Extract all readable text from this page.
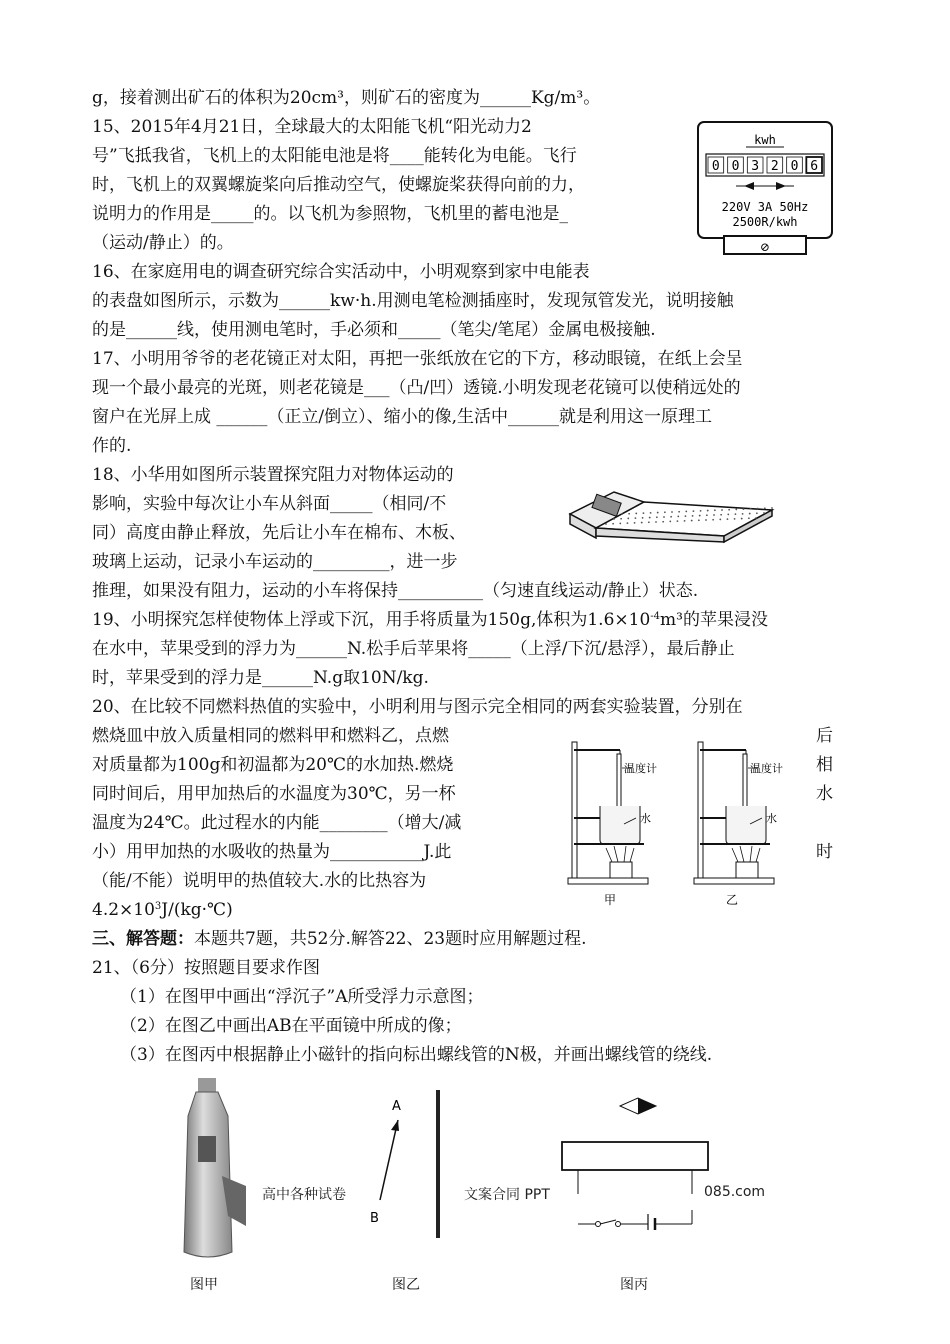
g，接着测出矿石的体积为20cm³，则矿石的密度为______Kg/m³。
15、2015年4月21日，全球最大的太阳能飞机“阳光动力2
号”飞抵我省，飞机上的太阳能电池是将____能转化为电能。飞行
时，飞机上的双翼螺旋桨向后推动空气，使螺旋桨获得向前的力，
说明力的作用是_____的。以飞机为参照物，飞机里的蓄电池是_
（运动/静止）的。
16、在家庭用电的调查研究综合实活动中，小明观察到家中电能表
的表盘如图所示，示数为______kw·h.用测电笔检测插座时，发现氖管发光，说明接触
的是______线，使用测电笔时，手必须和_____（笔尖/笔尾）金属电极接触.
17、小明用爷爷的老花镜正对太阳，再把一张纸放在它的下方，移动眼镜，在纸上会呈
现一个最小最亮的光斑，则老花镜是___（凸/凹）透镜.小明发现老花镜可以使稍远处的
窗户在光屏上成 ______（正立/倒立）、缩小的像,生活中______就是利用这一原理工
作的.
18、小华用如图所示装置探究阻力对物体运动的
影响，实验中每次让小车从斜面_____（相同/不
同）高度由静止释放，先后让小车在棉布、木板、
玻璃上运动，记录小车运动的_________，进一步
推理，如果没有阻力，运动的小车将保持__________（匀速直线运动/静止）状态.
19、小明探究怎样使物体上浮或下沉，用手将质量为150g,体积为$1.6\times 10^{-4}m^3$的苹果浸没
在水中，苹果受到的浮力为______N.松手后苹果将_____（上浮/下沉/悬浮），最后静止
时，苹果受到的浮力是______N.g取10N/kg.
20、在比较不同燃料热值的实验中，小明利用与图示完全相同的两套实验装置，分别在
燃烧皿中放入质量相同的燃料甲和燃料乙，点燃	后
对质量都为100g和初温都为20℃的水加热.燃烧	相
同时间后，用甲加热后的水温度为30℃，另一杯	水
温度为24℃。此过程水的内能________（增大/减
小）用甲加热的水吸收的热量为___________J.此	时
（能/不能）说明甲的热值较大.水的比热容为
$4.2\times 10^3J/(kg\cdot℃)$
三、解答题：本题共7题，共52分.解答22、23题时应用解题过程.
21、（6分）按照题目要求作图
（1）在图甲中画出“浮沉子”A所受浮力示意图；
（2）在图乙中画出AB在平面镜中所成的像；
（3）在图丙中根据静止小磁针的指向标出螺线管的N极，并画出螺线管的绕线.
⊘
kwh
0 0 3 2 0 6
220V 3A 50Hz
2500R/kwh
温度计
水
甲
温度计
水
乙
A
B
高中各种试卷	文案合同 PPT	085.com
图甲	图乙	图丙
